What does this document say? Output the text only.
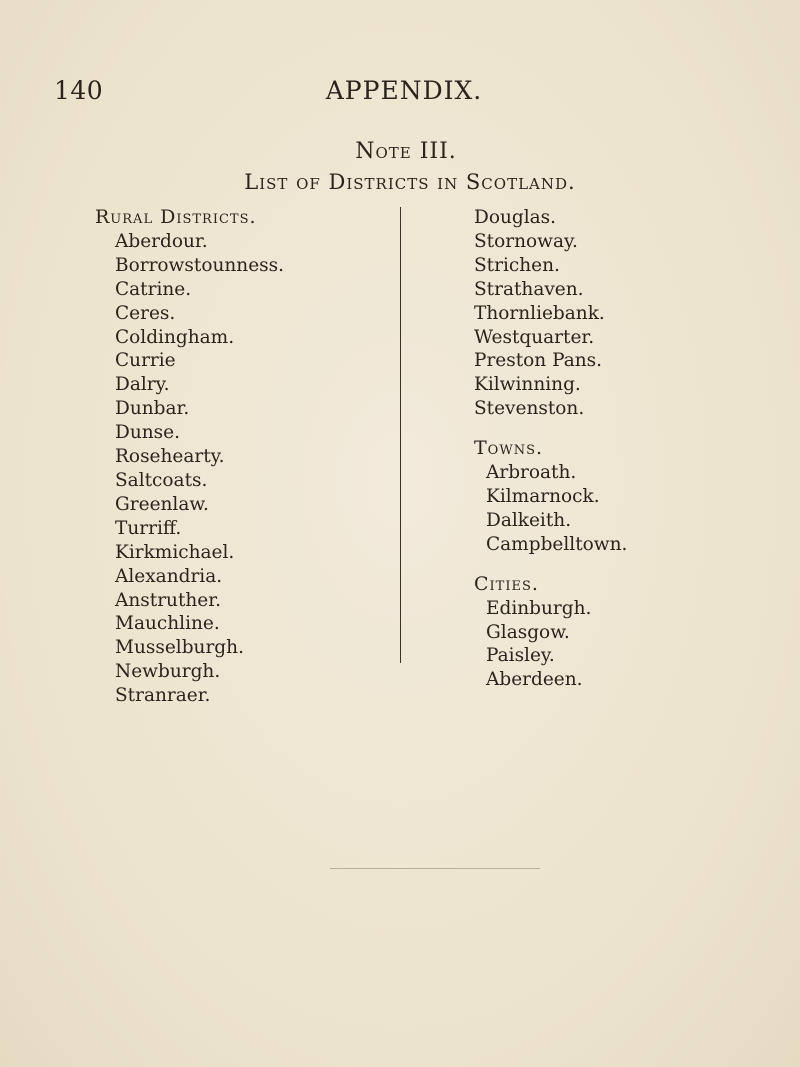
140	APPENDIX.
Note III.
List of Districts in Scotland.
Rural Districts.
Aberdour.
Borrowstounness.
Catrine.
Ceres.
Coldingham.
Currie
Dalry.
Dunbar.
Dunse.
Rosehearty.
Saltcoats.
Greenlaw.
Turriff.
Kirkmichael.
Alexandria.
Anstruther.
Mauchline.
Musselburgh.
Newburgh.
Stranraer.
Douglas.
Stornoway.
Strichen.
Strathaven.
Thornliebank.
Westquarter.
Preston Pans.
Kilwinning.
Stevenston.
Towns.
Arbroath.
Kilmarnock.
Dalkeith.
Campbelltown.
Cities.
Edinburgh.
Glasgow.
Paisley.
Aberdeen.
